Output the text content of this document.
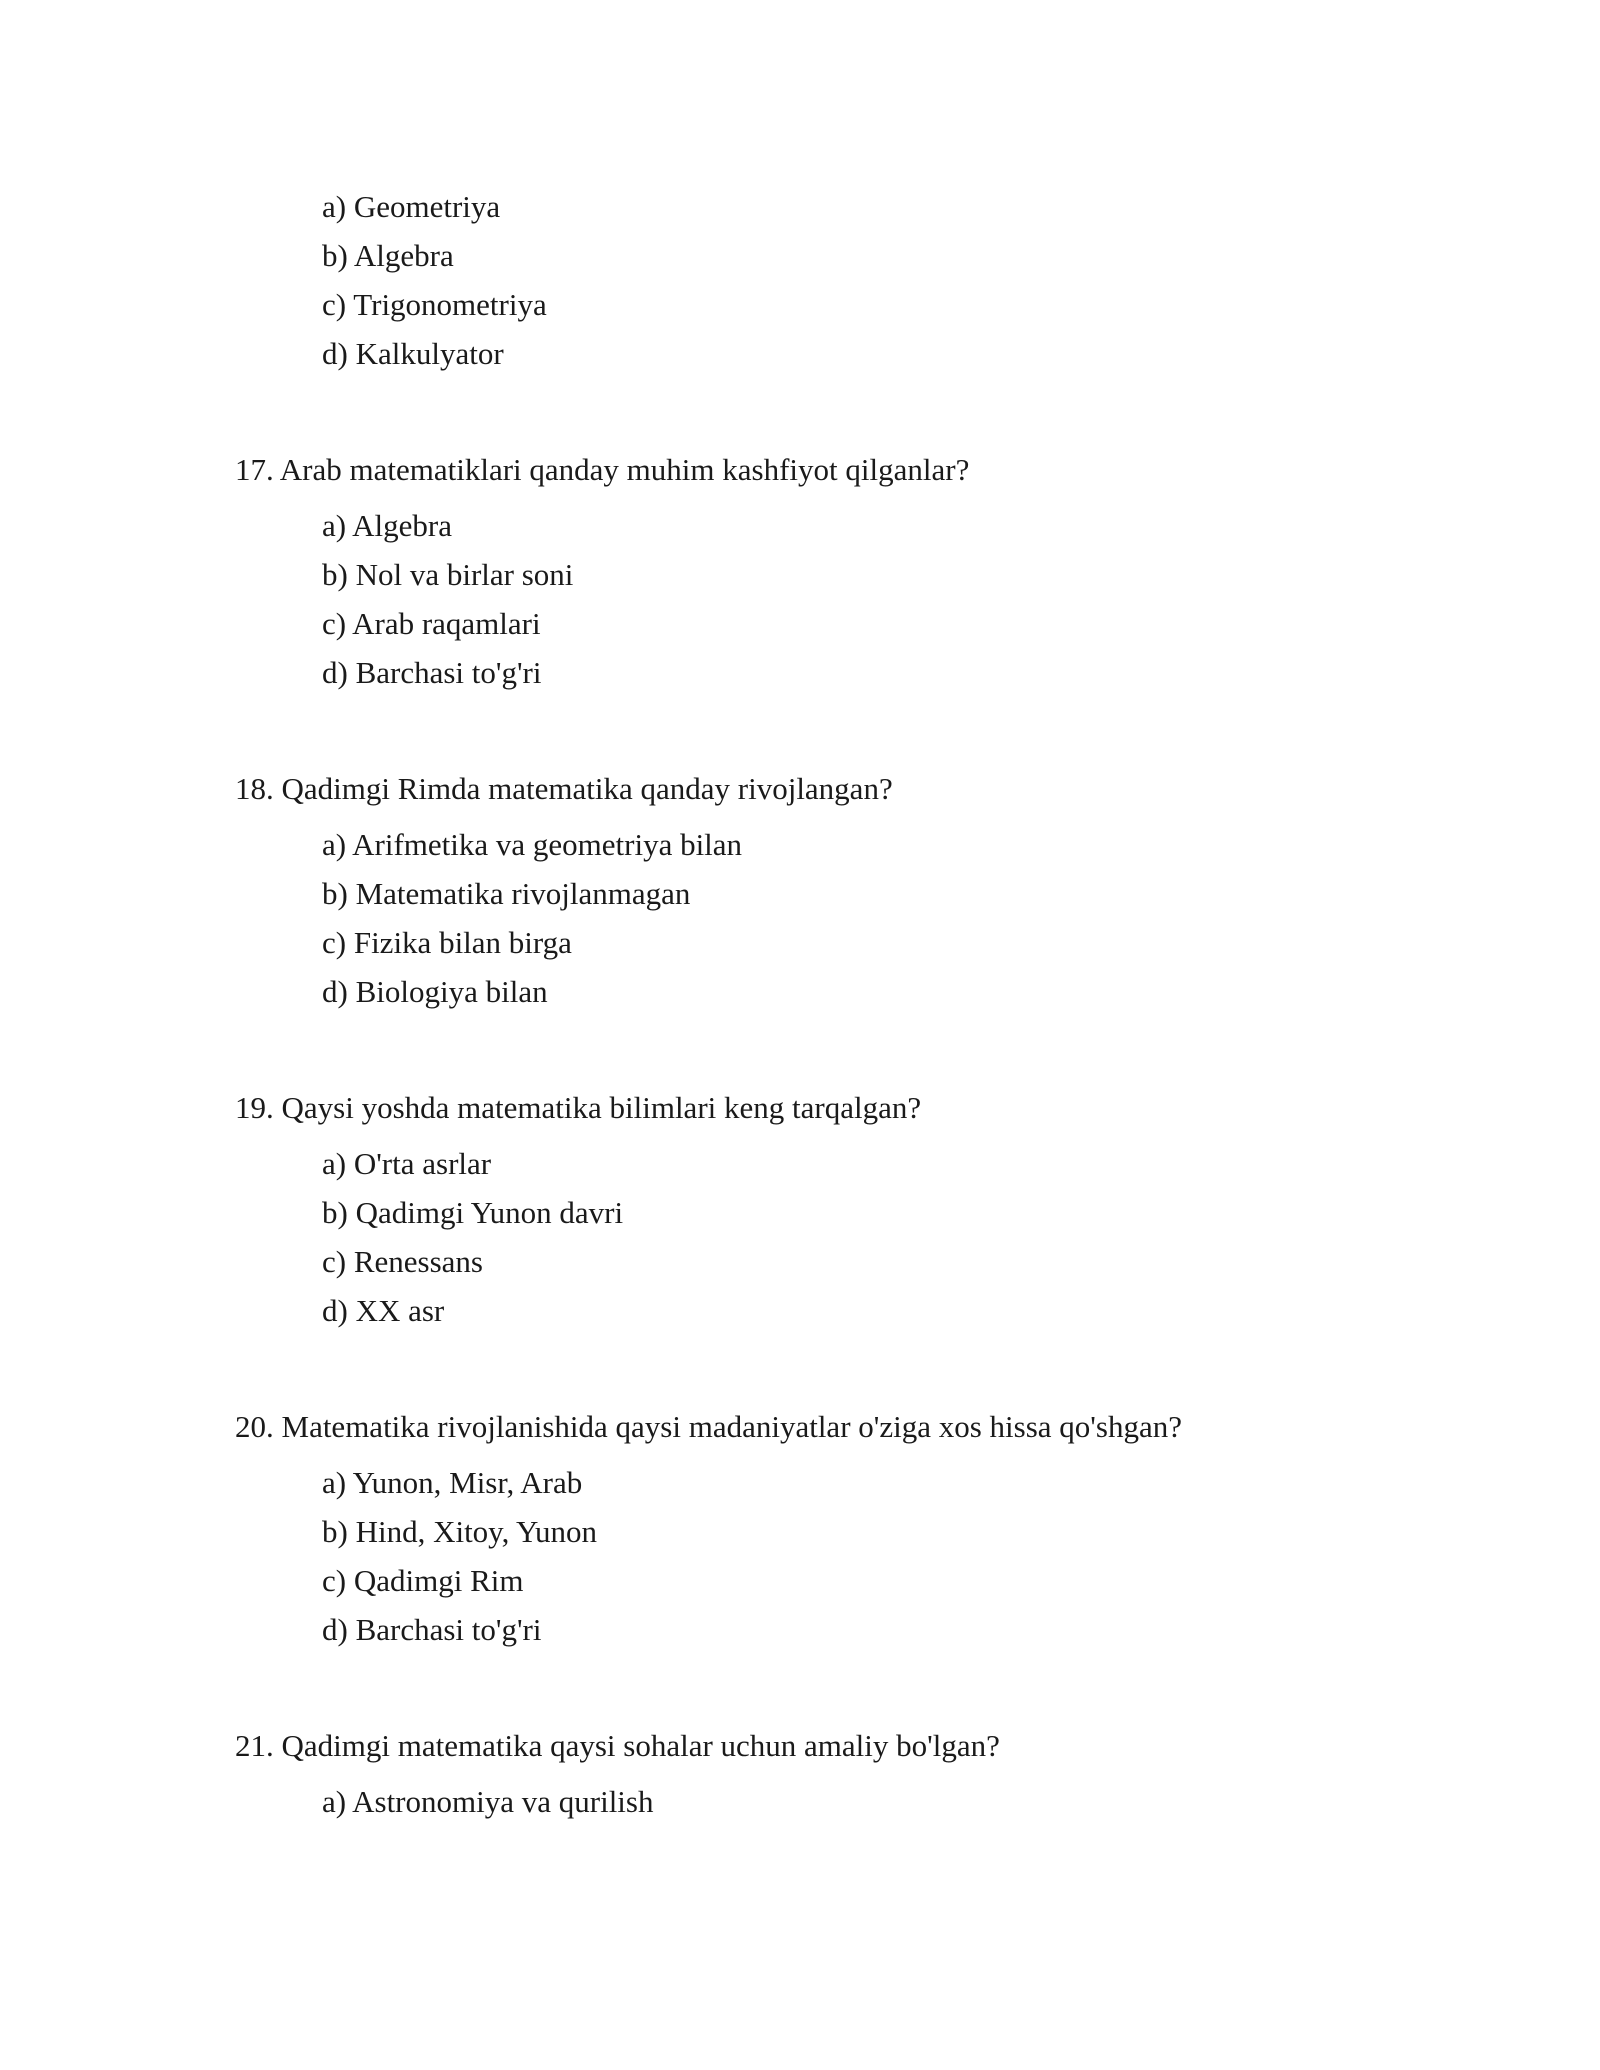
a) Geometriya
b) Algebra
c) Trigonometriya
d) Kalkulyator
17. Arab matematiklari qanday muhim kashfiyot qilganlar?
a) Algebra
b) Nol va birlar soni
c) Arab raqamlari
d) Barchasi to'g'ri
18. Qadimgi Rimda matematika qanday rivojlangan?
a) Arifmetika va geometriya bilan
b) Matematika rivojlanmagan
c) Fizika bilan birga
d) Biologiya bilan
19. Qaysi yoshda matematika bilimlari keng tarqalgan?
a) O'rta asrlar
b) Qadimgi Yunon davri
c) Renessans
d) XX asr
20. Matematika rivojlanishida qaysi madaniyatlar o'ziga xos hissa qo'shgan?
a) Yunon, Misr, Arab
b) Hind, Xitoy, Yunon
c) Qadimgi Rim
d) Barchasi to'g'ri
21. Qadimgi matematika qaysi sohalar uchun amaliy bo'lgan?
a) Astronomiya va qurilish
